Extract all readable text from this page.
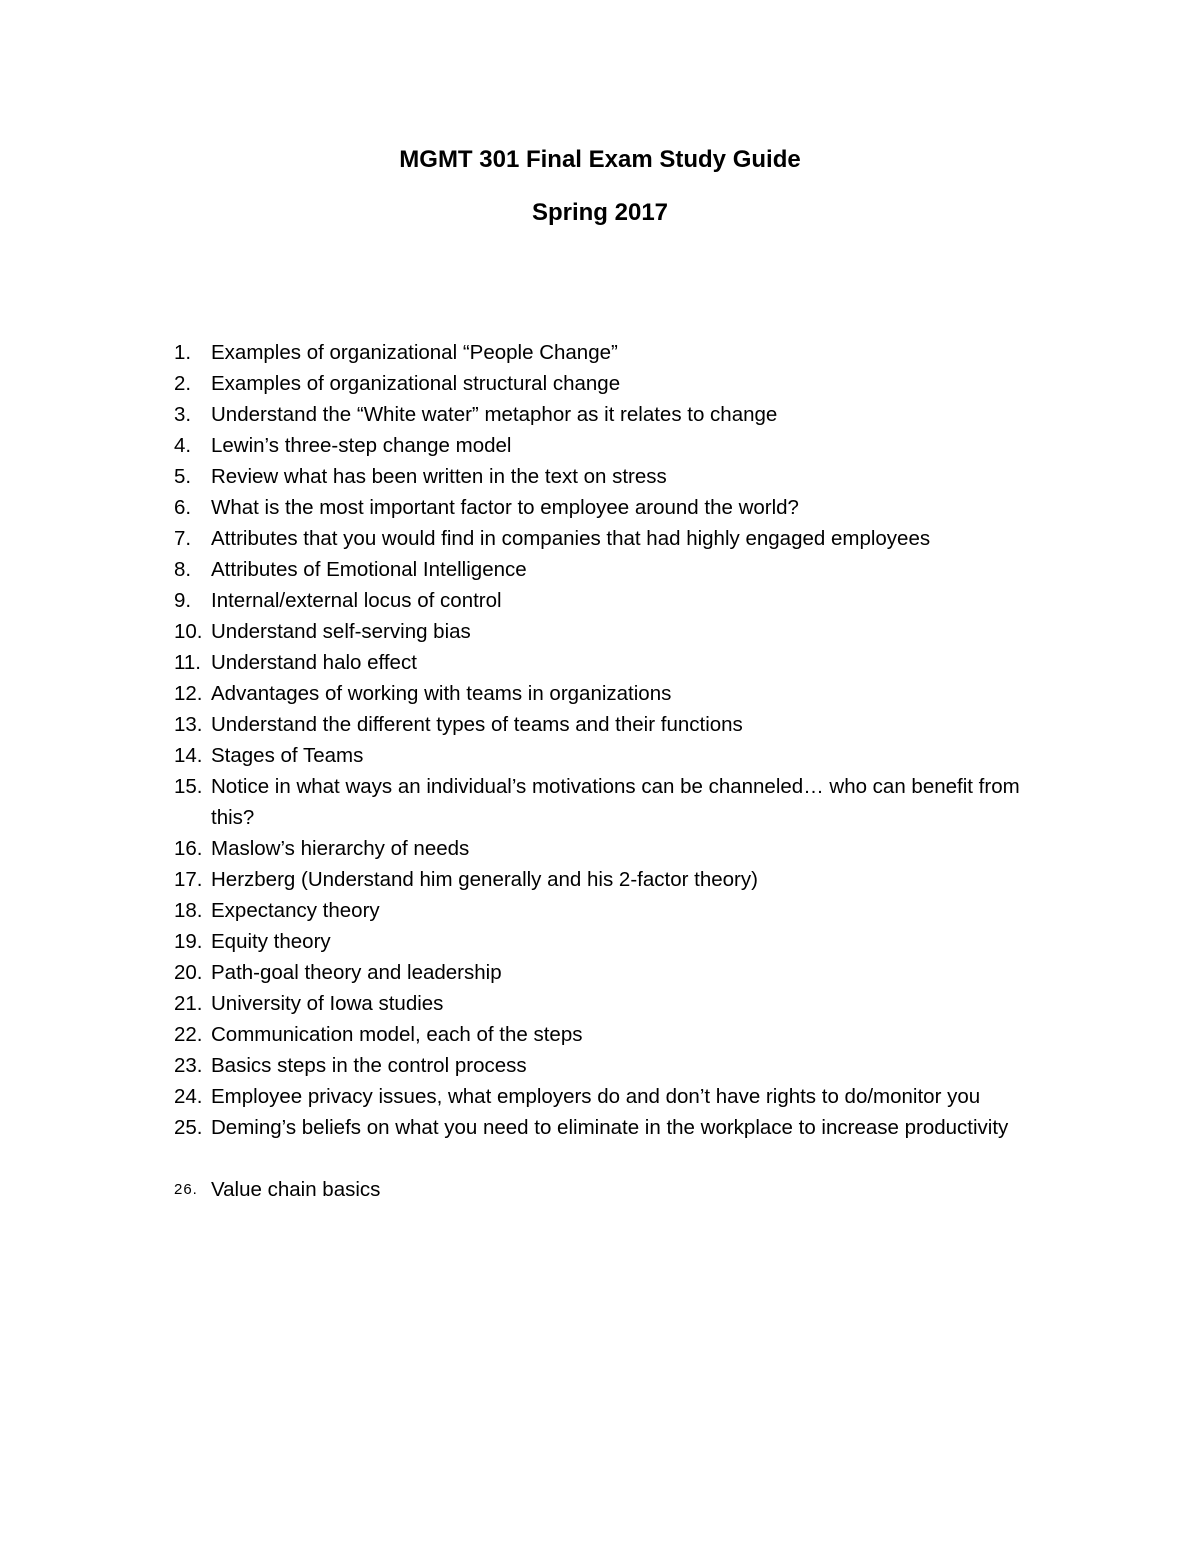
MGMT 301 Final Exam Study Guide
Spring 2017
1. Examples of organizational “People Change”
2. Examples of organizational structural change
3. Understand the “White water” metaphor as it relates to change
4. Lewin’s three-step change model
5. Review what has been written in the text on stress
6. What is the most important factor to employee around the world?
7. Attributes that you would find in companies that had highly engaged employees
8. Attributes of Emotional Intelligence
9. Internal/external locus of control
10. Understand self-serving bias
11. Understand halo effect
12. Advantages of working with teams in organizations
13. Understand the different types of teams and their functions
14. Stages of Teams
15. Notice in what ways an individual’s motivations can be channeled… who can benefit from this?
16. Maslow’s hierarchy of needs
17. Herzberg (Understand him generally and his 2-factor theory)
18. Expectancy theory
19. Equity theory
20. Path-goal theory and leadership
21. University of Iowa studies
22. Communication model, each of the steps
23. Basics steps in the control process
24. Employee privacy issues, what employers do and don’t have rights to do/monitor you
25. Deming’s beliefs on what you need to eliminate in the workplace to increase productivity
26. Value chain basics
